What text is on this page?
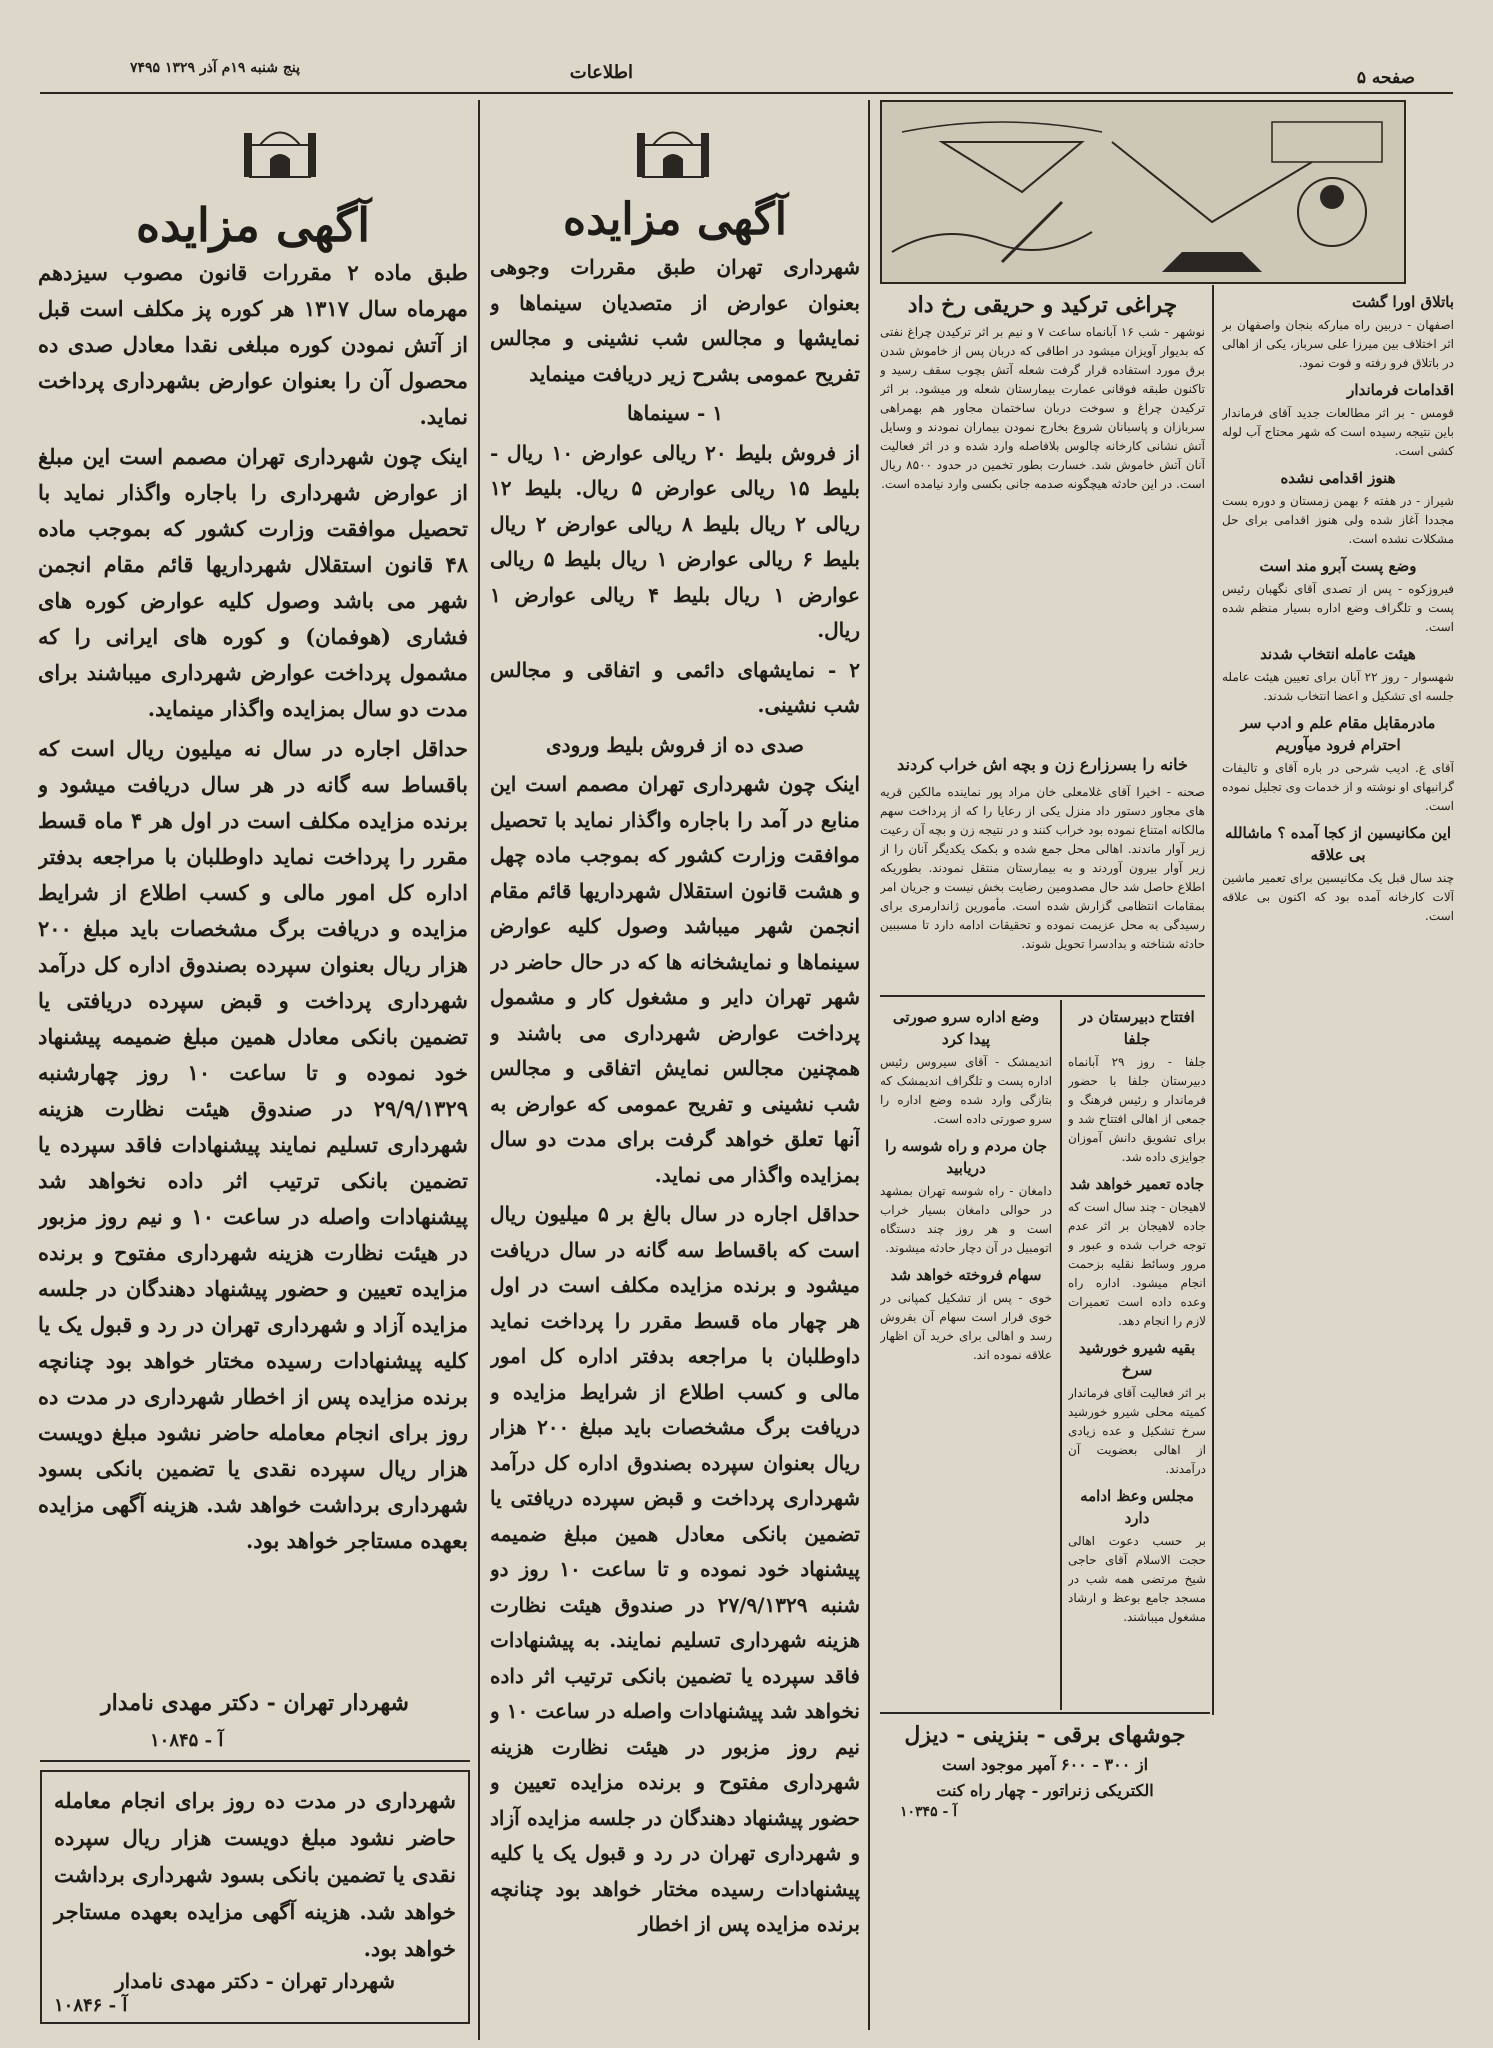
صفحه ۵
اطلاعات
پنج شنبه ۱۹م آذر ۱۳۲۹ ۷۴۹۵
آگهی مزایده

طبق ماده ۲ مقررات قانون مصوب سیزدهم مهرماه سال ۱۳۱۷ هر کوره پز مکلف است قبل از آتش نمودن کوره مبلغی نقدا معادل صدی ده محصول آن را بعنوان عوارض بشهرداری پرداخت نماید.

اینک چون شهرداری تهران مصمم است این مبلغ از عوارض شهرداری را باجاره واگذار نماید با تحصیل موافقت وزارت کشور که بموجب ماده ۴۸ قانون استقلال شهرداریها قائم مقام انجمن شهر می باشد وصول کلیه عوارض کوره های فشاری (هوفمان) و کوره های ایرانی را که مشمول پرداخت عوارض شهرداری میباشند برای مدت دو سال بمزایده واگذار مینماید.

حداقل اجاره در سال نه میلیون ریال است که باقساط سه گانه در هر سال دریافت میشود و برنده مزایده مکلف است در اول هر ۴ ماه قسط مقرر را پرداخت نماید داوطلبان با مراجعه بدفتر اداره کل امور مالی و کسب اطلاع از شرایط مزایده و دریافت برگ مشخصات باید مبلغ ۲۰۰ هزار ریال بعنوان سپرده بصندوق اداره کل درآمد شهرداری پرداخت و قبض سپرده دریافتی یا تضمین بانکی معادل همین مبلغ ضمیمه پیشنهاد خود نموده و تا ساعت ۱۰ روز چهارشنبه ۲۹/۹/۱۳۲۹ در صندوق هیئت نظارت هزینه شهرداری تسلیم نمایند پیشنهادات فاقد سپرده یا تضمین بانکی ترتیب اثر داده نخواهد شد پیشنهادات واصله در ساعت ۱۰ و نیم روز مزبور در هیئت نظارت هزینه شهرداری مفتوح و برنده مزایده تعیین و حضور پیشنهاد دهندگان در جلسه مزایده آزاد و شهرداری تهران در رد و قبول یک یا کلیه پیشنهادات رسیده مختار خواهد بود چنانچه برنده مزایده پس از اخطار شهرداری در مدت ده روز برای انجام معامله حاضر نشود مبلغ دویست هزار ریال سپرده نقدی یا تضمین بانکی بسود شهرداری برداشت خواهد شد. هزینه آگهی مزایده بعهده مستاجر خواهد بود.

شهردار تهران - دکتر مهدی نامدار
آ - ۱۰۸۴۵
شهرداری در مدت ده روز برای انجام معامله حاضر نشود مبلغ دویست هزار ریال سپرده نقدی یا تضمین بانکی بسود شهرداری برداشت خواهد شد. هزینه آگهی مزایده بعهده مستاجر خواهد بود.
شهردار تهران - دکتر مهدی نامدار
آ - ۱۰۸۴۶
آگهی مزایده

شهرداری تهران طبق مقررات وجوهی بعنوان عوارض از متصدیان سینماها و نمایشها و مجالس شب نشینی و مجالس تفریح عمومی بشرح زیر دریافت مینماید

۱ - سینماها

از فروش بلیط ۲۰ ریالی عوارض ۱۰ ریال - بلیط ۱۵ ریالی عوارض ۵ ریال. بلیط ۱۲ ریالی ۲ ریال بلیط ۸ ریالی عوارض ۲ ریال بلیط ۶ ریالی عوارض ۱ ریال بلیط ۵ ریالی عوارض ۱ ریال بلیط ۴ ریالی عوارض ۱ ریال.

۲ - نمایشهای دائمی و اتفاقی و مجالس شب نشینی.

صدی ده از فروش بلیط ورودی

اینک چون شهرداری تهران مصمم است این منابع در آمد را باجاره واگذار نماید با تحصیل موافقت وزارت کشور که بموجب ماده چهل و هشت قانون استقلال شهرداریها قائم مقام انجمن شهر میباشد وصول کلیه عوارض سینماها و نمایشخانه ها که در حال حاضر در شهر تهران دایر و مشغول کار و مشمول پرداخت عوارض شهرداری می باشند و همچنین مجالس نمایش اتفاقی و مجالس شب نشینی و تفریح عمومی که عوارض به آنها تعلق خواهد گرفت برای مدت دو سال بمزایده واگذار می نماید.

حداقل اجاره در سال بالغ بر ۵ میلیون ریال است که باقساط سه گانه در سال دریافت میشود و برنده مزایده مکلف است در اول هر چهار ماه قسط مقرر را پرداخت نماید داوطلبان با مراجعه بدفتر اداره کل امور مالی و کسب اطلاع از شرایط مزایده و دریافت برگ مشخصات باید مبلغ ۲۰۰ هزار ریال بعنوان سپرده بصندوق اداره کل درآمد شهرداری پرداخت و قبض سپرده دریافتی یا تضمین بانکی معادل همین مبلغ ضمیمه پیشنهاد خود نموده و تا ساعت ۱۰ روز دو شنبه ۲۷/۹/۱۳۲۹ در صندوق هیئت نظارت هزینه شهرداری تسلیم نمایند. به پیشنهادات فاقد سپرده یا تضمین بانکی ترتیب اثر داده نخواهد شد پیشنهادات واصله در ساعت ۱۰ و نیم روز مزبور در هیئت نظارت هزینه شهرداری مفتوح و برنده مزایده تعیین و حضور پیشنهاد دهندگان در جلسه مزایده آزاد و شهرداری تهران در رد و قبول یک یا کلیه پیشنهادات رسیده مختار خواهد بود چنانچه برنده مزایده پس از اخطار

چراغی ترکید و حریقی رخ داد
نوشهر - شب ۱۶ آبانماه ساعت ۷ و نیم بر اثر ترکیدن چراغ نفتی که بدیوار آویزان میشود در اطاقی که دربان پس از خاموش شدن برق مورد استفاده قرار گرفت شعله آتش بچوب سقف رسید و تاکنون طبقه فوقانی عمارت بیمارستان شعله ور میشود. بر اثر ترکیدن چراغ و سوخت دربان ساختمان مجاور هم بهمراهی سربازان و پاسبانان شروع بخارج نمودن بیماران نمودند و وسایل آتش نشانی کارخانه چالوس بلافاصله وارد شده و در اثر فعالیت آنان آتش خاموش شد. خسارت بطور تخمین در حدود ۸۵۰۰ ریال است. در این حادثه هیچگونه صدمه جانی بکسی وارد نیامده است.
خانه را بسرزارع زن و بچه اش خراب کردند
صحنه - اخیرا آقای غلامعلی خان مراد پور نماینده مالکین قریه های مجاور دستور داد منزل یکی از رعایا را که از پرداخت سهم مالکانه امتناع نموده بود خراب کنند و در نتیجه زن و بچه آن رعیت زیر آوار ماندند. اهالی محل جمع شده و بکمک یکدیگر آنان را از زیر آوار بیرون آوردند و به بیمارستان منتقل نمودند. بطوریکه اطلاع حاصل شد حال مصدومین رضایت بخش نیست و جریان امر بمقامات انتظامی گزارش شده است. مأمورین ژاندارمری برای رسیدگی به محل عزیمت نموده و تحقیقات ادامه دارد تا مسببین حادثه شناخته و بدادسرا تحویل شوند.
افتتاح دبیرستان در جلفا
جلفا - روز ۲۹ آبانماه دبیرستان جلفا با حضور فرماندار و رئیس فرهنگ و جمعی از اهالی افتتاح شد و برای تشویق دانش آموزان جوایزی داده شد.
جاده تعمیر خواهد شد
لاهیجان - چند سال است که جاده لاهیجان بر اثر عدم توجه خراب شده و عبور و مرور وسائط نقلیه بزحمت انجام میشود. اداره راه وعده داده است تعمیرات لازم را انجام دهد.
بقیه شیرو خورشید سرخ
بر اثر فعالیت آقای فرماندار کمیته محلی شیرو خورشید سرخ تشکیل و عده زیادی از اهالی بعضویت آن درآمدند.
مجلس وعظ ادامه دارد
بر حسب دعوت اهالی حجت الاسلام آقای حاجی شیخ مرتضی همه شب در مسجد جامع بوعظ و ارشاد مشغول میباشند.
وضع اداره سرو صورتی پیدا کرد
اندیمشک - آقای سیروس رئیس اداره پست و تلگراف اندیمشک که بتازگی وارد شده وضع اداره را سرو صورتی داده است.
جان مردم و راه شوسه را دریابید
دامغان - راه شوسه تهران بمشهد در حوالی دامغان بسیار خراب است و هر روز چند دستگاه اتومبیل در آن دچار حادثه میشوند.
سهام فروخته خواهد شد
خوی - پس از تشکیل کمپانی در خوی قرار است سهام آن بفروش رسد و اهالی برای خرید آن اظهار علاقه نموده اند.
باتلاق اورا گشت
اصفهان - دربین راه مبارکه بنجان واصفهان بر اثر اختلاف بین میرزا علی سرباز، یکی از اهالی در باتلاق فرو رفته و فوت نمود.
اقدامات فرماندار
قومس - بر اثر مطالعات جدید آقای فرماندار باین نتیجه رسیده است که شهر محتاج آب لوله کشی است.
هنوز اقدامی نشده
شیراز - در هفته ۶ بهمن زمستان و دوره بست مجددا آغاز شده ولی هنوز اقدامی برای حل مشکلات نشده است.
وضع پست آبرو مند است
فیروزکوه - پس از تصدی آقای نگهبان رئیس پست و تلگراف وضع اداره بسیار منظم شده است.
هیئت عامله انتخاب شدند
شهسوار - روز ۲۲ آبان برای تعیین هیئت عامله جلسه ای تشکیل و اعضا انتخاب شدند.
مادرمقابل مقام علم و ادب سر احترام فرود میآوریم
آقای ع. ادیب شرحی در باره آقای و تالیفات گرانبهای او نوشته و از خدمات وی تجلیل نموده است.
این مکانیسین از کجا آمده ؟ ماشالله بی علاقه
چند سال قبل یک مکانیسین برای تعمیر ماشین آلات کارخانه آمده بود که اکنون بی علاقه است.
جوشهای برقی - بنزینی - دیزل
از ۳۰۰ - ۶۰۰ آمپر موجود است
الکتریکی زنراتور - چهار راه کنت
آ - ۱۰۳۴۵
